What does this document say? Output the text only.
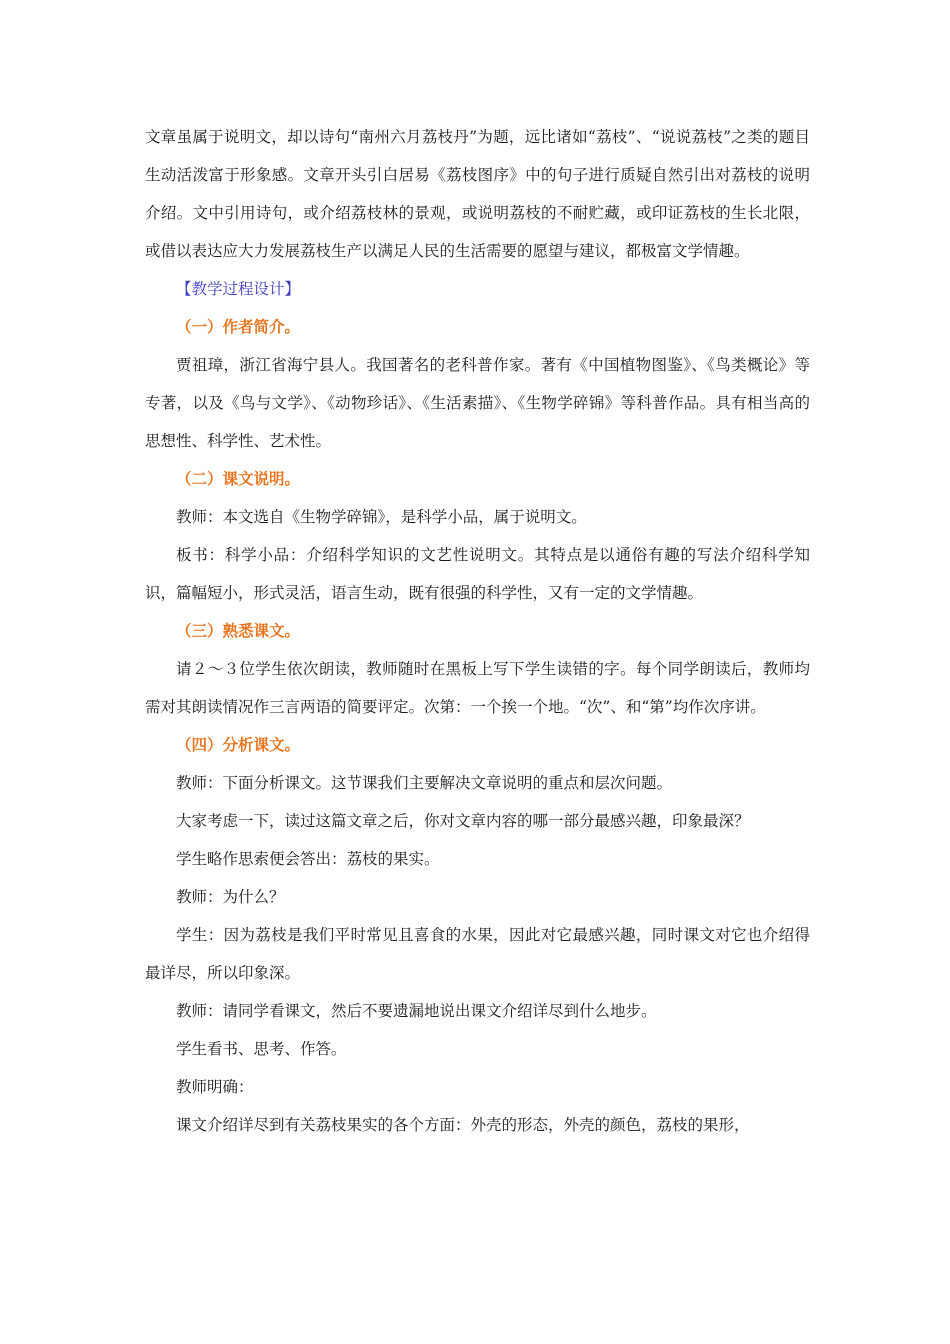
文章虽属于说明文，却以诗句“南州六月荔枝丹”为题，远比诸如“荔枝”、“说说荔枝”之类的题目生动活泼富于形象感。文章开头引白居易《荔枝图序》中的句子进行质疑自然引出对荔枝的说明介绍。文中引用诗句，或介绍荔枝林的景观，或说明荔枝的不耐贮藏，或印证荔枝的生长北限，或借以表达应大力发展荔枝生产以满足人民的生活需要的愿望与建议，都极富文学情趣。

【教学过程设计】

（一）作者简介。

贾祖璋，浙江省海宁县人。我国著名的老科普作家。著有《中国植物图鉴》、《鸟类概论》等专著，以及《鸟与文学》、《动物珍话》、《生活素描》、《生物学碎锦》等科普作品。具有相当高的思想性、科学性、艺术性。

（二）课文说明。

教师：本文选自《生物学碎锦》，是科学小品，属于说明文。

板书：科学小品：介绍科学知识的文艺性说明文。其特点是以通俗有趣的写法介绍科学知识，篇幅短小，形式灵活，语言生动，既有很强的科学性，又有一定的文学情趣。

（三）熟悉课文。

请２～３位学生依次朗读，教师随时在黑板上写下学生读错的字。每个同学朗读后，教师均需对其朗读情况作三言两语的简要评定。次第：一个挨一个地。“次”、和“第”均作次序讲。

（四）分析课文。

教师：下面分析课文。这节课我们主要解决文章说明的重点和层次问题。

大家考虑一下，读过这篇文章之后，你对文章内容的哪一部分最感兴趣，印象最深？

学生略作思索便会答出：荔枝的果实。

教师：为什么？

学生：因为荔枝是我们平时常见且喜食的水果，因此对它最感兴趣，同时课文对它也介绍得最详尽，所以印象深。

教师：请同学看课文，然后不要遗漏地说出课文介绍详尽到什么地步。

学生看书、思考、作答。

教师明确：

课文介绍详尽到有关荔枝果实的各个方面：外壳的形态，外壳的颜色，荔枝的果形，
